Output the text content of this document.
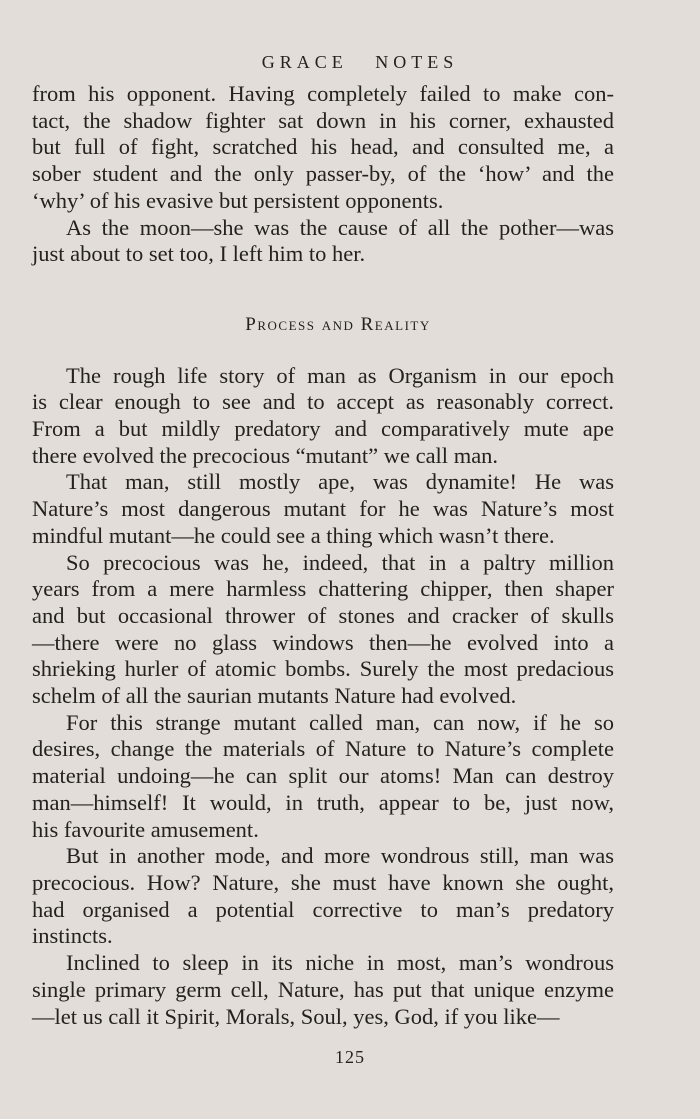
GRACE NOTES

from his opponent. Having completely failed to make con-

tact, the shadow fighter sat down in his corner, exhausted

but full of fight, scratched his head, and consulted me, a

sober student and the only passer-by, of the ‘how’ and the

‘why’ of his evasive but persistent opponents.

As the moon—she was the cause of all the pother—was

just about to set too, I left him to her.

Process and Reality

The rough life story of man as Organism in our epoch

is clear enough to see and to accept as reasonably correct.

From a but mildly predatory and comparatively mute ape

there evolved the precocious “mutant” we call man.

That man, still mostly ape, was dynamite! He was

Nature’s most dangerous mutant for he was Nature’s most

mindful mutant—he could see a thing which wasn’t there.

So precocious was he, indeed, that in a paltry million

years from a mere harmless chattering chipper, then shaper

and but occasional thrower of stones and cracker of skulls

—there were no glass windows then—he evolved into a

shrieking hurler of atomic bombs. Surely the most predacious

schelm of all the saurian mutants Nature had evolved.

For this strange mutant called man, can now, if he so

desires, change the materials of Nature to Nature’s complete

material undoing—he can split our atoms! Man can destroy

man—himself! It would, in truth, appear to be, just now,

his favourite amusement.

But in another mode, and more wondrous still, man was

precocious. How? Nature, she must have known she ought,

had organised a potential corrective to man’s predatory

instincts.

Inclined to sleep in its niche in most, man’s wondrous

single primary germ cell, Nature, has put that unique enzyme

—let us call it Spirit, Morals, Soul, yes, God, if you like—

125
